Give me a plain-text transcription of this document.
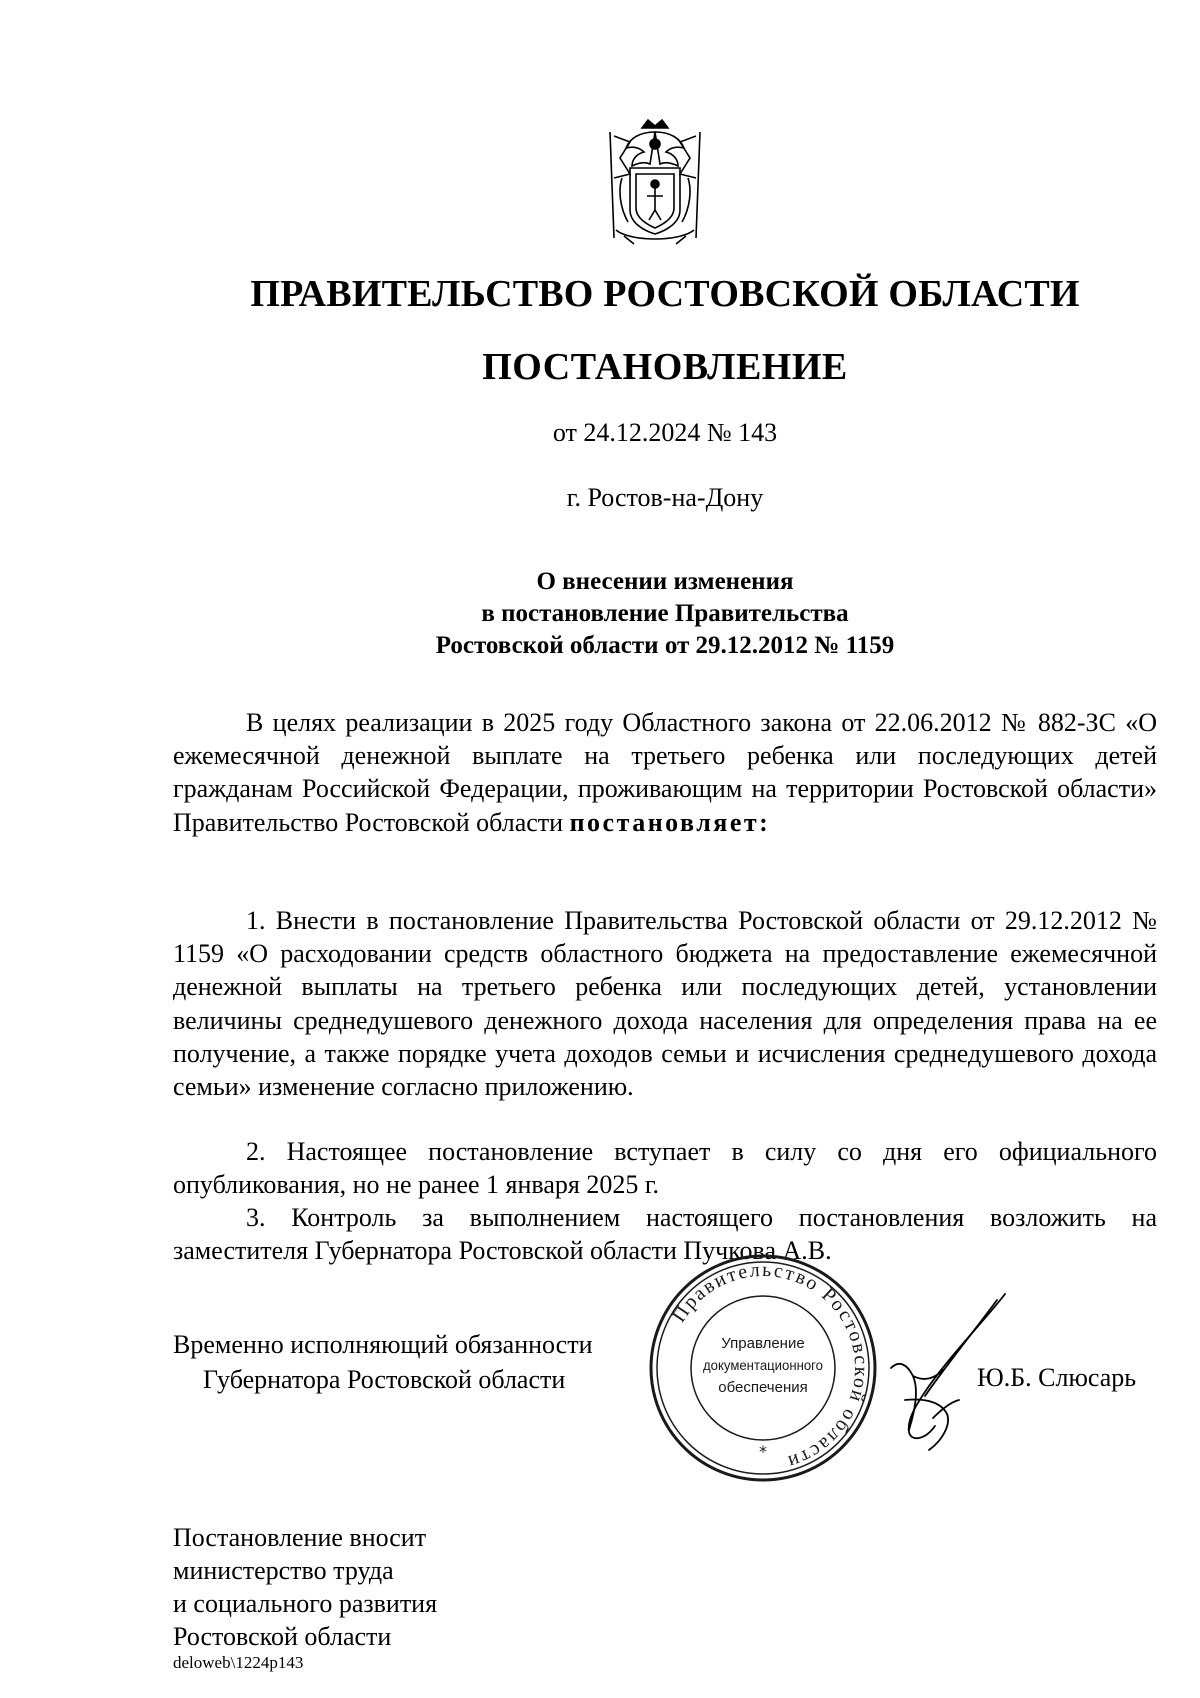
ПРАВИТЕЛЬСТВО РОСТОВСКОЙ ОБЛАСТИ
ПОСТАНОВЛЕНИЕ
от 24.12.2024 № 143
г. Ростов-на-Дону
О внесении изменения
в постановление Правительства
Ростовской области от 29.12.2012 № 1159

В целях реализации в 2025 году Областного закона от 22.06.2012 № 882-ЗС «О ежемесячной денежной выплате на третьего ребенка или последующих детей гражданам Российской Федерации, проживающим на территории Ростовской области» Правительство Ростовской области постановляет:

1. Внести в постановление Правительства Ростовской области от 29.12.2012 № 1159 «О расходовании средств областного бюджета на предоставление ежемесячной денежной выплаты на третьего ребенка или последующих детей, установлении величины среднедушевого денежного дохода населения для определения права на ее получение, а также порядке учета доходов семьи и исчисления среднедушевого дохода семьи» изменение согласно приложению.

2. Настоящее постановление вступает в силу со дня его официального опубликования, но не ранее 1 января 2025 г.

3. Контроль за выполнением настоящего постановления возложить на заместителя Губернатора Ростовской области Пучкова А.В.

Временно исполняющий обязанности
Губернатора Ростовской области
Правительство Ростовской области
Управление
документационного
обеспечения
*
Ю.Б. Слюсарь
Постановление вносит
министерство труда
и социального развития
Ростовской области
deloweb\1224p143
